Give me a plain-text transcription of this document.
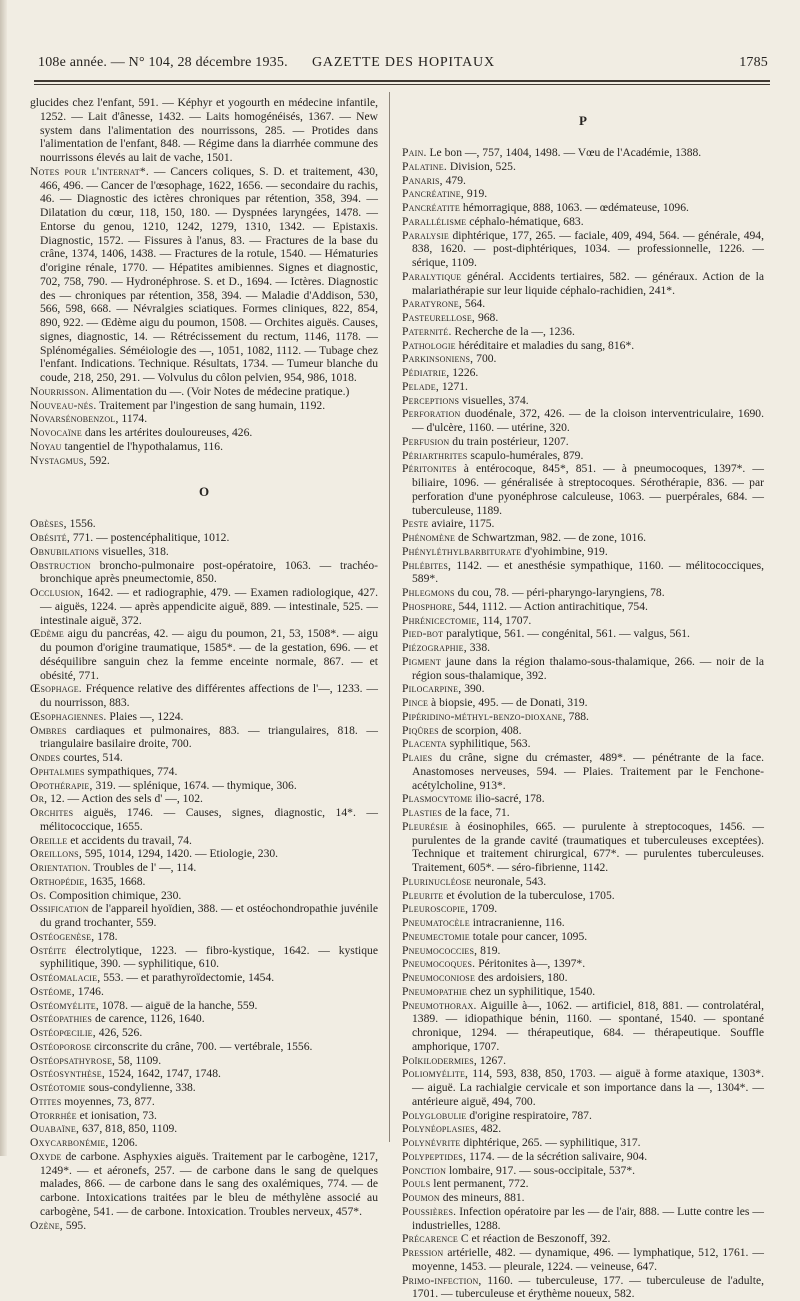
108e année. — N° 104, 28 décembre 1935. GAZETTE DES HOPITAUX	1785
glucides chez l'enfant, 591. — Képhyr et yogourth en médecine infantile, 1252. — Lait d'ânesse, 1432. — Laits homogénéisés, 1367. — New system dans l'alimentation des nourrissons, 285. — Protides dans l'alimentation de l'enfant, 848. — Régime dans la diarrhée commune des nourrissons élevés au lait de vache, 1501.
Notes pour l'internat*. — Cancers coliques, S. D. et traitement, 430, 466, 496. — Cancer de l'œsophage, 1622, 1656. — secondaire du rachis, 46. — Diagnostic des ictères chroniques par rétention, 358, 394. — Dilatation du cœur, 118, 150, 180. — Dyspnées laryngées, 1478. — Entorse du genou, 1210, 1242, 1279, 1310, 1342. — Epistaxis. Diagnostic, 1572. — Fissures à l'anus, 83. — Fractures de la base du crâne, 1374, 1406, 1438. — Fractures de la rotule, 1540. — Hématuries d'origine rénale, 1770. — Hépatites amibiennes. Signes et diagnostic, 702, 758, 790. — Hydronéphrose. S. et D., 1694. — Ictères. Diagnostic des — chroniques par rétention, 358, 394. — Maladie d'Addison, 530, 566, 598, 668. — Névralgies sciatiques. Formes cliniques, 822, 854, 890, 922. — Œdème aigu du poumon, 1508. — Orchites aiguës. Causes, signes, diagnostic, 14. — Rétrécissement du rectum, 1146, 1178. — Splénomégalies. Séméiologie des —, 1051, 1082, 1112. — Tubage chez l'enfant. Indications. Technique. Résultats, 1734. — Tumeur blanche du coude, 218, 250, 291. — Volvulus du côlon pelvien, 954, 986, 1018.
Nourrisson. Alimentation du —. (Voir Notes de médecine pratique.)
Nouveau-nés. Traitement par l'ingestion de sang humain, 1192.
Novarsénobenzol, 1174.
Novocaïne dans les artérites douloureuses, 426.
Noyau tangentiel de l'hypothalamus, 116.
Nystagmus, 592.
O
Obèses, 1556.
Obésité, 771. — postencéphalitique, 1012.
Obnubilations visuelles, 318.
Obstruction broncho-pulmonaire post-opératoire, 1063. — trachéo-bronchique après pneumectomie, 850.
Occlusion, 1642. — et radiographie, 479. — Examen radiologique, 427. — aiguës, 1224. — après appendicite aiguë, 889. — intestinale, 525. — intestinale aiguë, 372.
Œdème aigu du pancréas, 42. — aigu du poumon, 21, 53, 1508*. — aigu du poumon d'origine traumatique, 1585*. — de la gestation, 696. — et déséquilibre sanguin chez la femme enceinte normale, 867. — et obésité, 771.
Œsophage. Fréquence relative des différentes affections de l'—, 1233. — du nourrisson, 883.
Œsophagiennes. Plaies —, 1224.
Ombres cardiaques et pulmonaires, 883. — triangulaires, 818. — triangulaire basilaire droite, 700.
Ondes courtes, 514.
Ophtalmies sympathiques, 774.
Opothérapie, 319. — splénique, 1674. — thymique, 306.
Or, 12. — Action des sels d' —, 102.
Orchites aiguës, 1746. — Causes, signes, diagnostic, 14*. — mélitococcique, 1655.
Oreille et accidents du travail, 74.
Oreillons, 595, 1014, 1294, 1420. — Etiologie, 230.
Orientation. Troubles de l' —, 114.
Orthopédie, 1635, 1668.
Os. Composition chimique, 230.
Ossification de l'appareil hyoïdien, 388. — et ostéochondropathie juvénile du grand trochanter, 559.
Ostéogenèse, 178.
Ostéite électrolytique, 1223. — fibro-kystique, 1642. — kystique syphilitique, 390. — syphilitique, 610.
Ostéomalacie, 553. — et parathyroïdectomie, 1454.
Ostéome, 1746.
Ostéomyélite, 1078. — aiguë de la hanche, 559.
Ostéopathies de carence, 1126, 1640.
Ostéopœcilie, 426, 526.
Ostéoporose circonscrite du crâne, 700. — vertébrale, 1556.
Ostéopsathyrose, 58, 1109.
Ostéosynthèse, 1524, 1642, 1747, 1748.
Ostéotomie sous-condylienne, 338.
Otites moyennes, 73, 877.
Otorrhée et ionisation, 73.
Ouabaïne, 637, 818, 850, 1109.
Oxycarbonémie, 1206.
Oxyde de carbone. Asphyxies aiguës. Traitement par le carbogène, 1217, 1249*. — et aéronefs, 257. — de carbone dans le sang de quelques malades, 866. — de carbone dans le sang des oxalémiques, 774. — de carbone. Intoxications traitées par le bleu de méthylène associé au carbogène, 541. — de carbone. Intoxication. Troubles nerveux, 457*.
Ozène, 595.
P
Pain. Le bon —, 757, 1404, 1498. — Vœu de l'Académie, 1388.
Palatine. Division, 525.
Panaris, 479.
Pancréatine, 919.
Pancréatite hémorragique, 888, 1063. — œdémateuse, 1096.
Parallélisme céphalo-hématique, 683.
Paralysie diphtérique, 177, 265. — faciale, 409, 494, 564. — générale, 494, 838, 1620. — post-diphtériques, 1034. — professionnelle, 1226. — sérique, 1109.
Paralytique général. Accidents tertiaires, 582. — généraux. Action de la malariathérapie sur leur liquide céphalo-rachidien, 241*.
Paratyrone, 564.
Pasteurellose, 968.
Paternité. Recherche de la —, 1236.
Pathologie héréditaire et maladies du sang, 816*.
Parkinsoniens, 700.
Pédiatrie, 1226.
Pelade, 1271.
Perceptions visuelles, 374.
Perforation duodénale, 372, 426. — de la cloison interventriculaire, 1690. — d'ulcère, 1160. — utérine, 320.
Perfusion du train postérieur, 1207.
Périarthrites scapulo-humérales, 879.
Péritonites à entérocoque, 845*, 851. — à pneumocoques, 1397*. — biliaire, 1096. — généralisée à streptocoques. Sérothérapie, 836. — par perforation d'une pyonéphrose calculeuse, 1063. — puerpérales, 684. — tuberculeuse, 1189.
Peste aviaire, 1175.
Phénomène de Schwartzman, 982. — de zone, 1016.
Phényléthylbarbiturate d'yohimbine, 919.
Phlébites, 1142. — et anesthésie sympathique, 1160. — mélitococciques, 589*.
Phlegmons du cou, 78. — péri-pharyngo-laryngiens, 78.
Phosphore, 544, 1112. — Action antirachitique, 754.
Phrénicectomie, 114, 1707.
Pied-bot paralytique, 561. — congénital, 561. — valgus, 561.
Piézographie, 338.
Pigment jaune dans la région thalamo-sous-thalamique, 266. — noir de la région sous-thalamique, 392.
Pilocarpine, 390.
Pince à biopsie, 495. — de Donati, 319.
Pipéridino-méthyl-benzo-dioxane, 788.
Piqûres de scorpion, 408.
Placenta syphilitique, 563.
Plaies du crâne, signe du crémaster, 489*. — pénétrante de la face. Anastomoses nerveuses, 594. — Plaies. Traitement par le Fenchone-acétylcholine, 913*.
Plasmocytome ilio-sacré, 178.
Plasties de la face, 71.
Pleurésie à éosinophiles, 665. — purulente à streptocoques, 1456. — purulentes de la grande cavité (traumatiques et tuberculeuses exceptées). Technique et traitement chirurgical, 677*. — purulentes tuberculeuses. Traitement, 605*. — séro-fibrienne, 1142.
Plurinucléose neuronale, 543.
Pleurite et évolution de la tuberculose, 1705.
Pleuroscopie, 1709.
Pneumatocèle intracranienne, 116.
Pneumectomie totale pour cancer, 1095.
Pneumococcies, 819.
Pneumocoques. Péritonites à—, 1397*.
Pneumoconiose des ardoisiers, 180.
Pneumopathie chez un syphilitique, 1540.
Pneumothorax. Aiguille à—, 1062. — artificiel, 818, 881. — controlatéral, 1389. — idiopathique bénin, 1160. — spontané, 1540. — spontané chronique, 1294. — thérapeutique, 684. — thérapeutique. Souffle amphorique, 1707.
Poïkilodermies, 1267.
Poliomyélite, 114, 593, 838, 850, 1703. — aiguë à forme ataxique, 1303*. — aiguë. La rachialgie cervicale et son importance dans la —, 1304*. — antérieure aiguë, 494, 700.
Polyglobulie d'origine respiratoire, 787.
Polynéoplasies, 482.
Polynévrite diphtérique, 265. — syphilitique, 317.
Polypeptides, 1174. — de la sécrétion salivaire, 904.
Ponction lombaire, 917. — sous-occipitale, 537*.
Pouls lent permanent, 772.
Poumon des mineurs, 881.
Poussières. Infection opératoire par les — de l'air, 888. — Lutte contre les — industrielles, 1288.
Précarence C et réaction de Beszonoff, 392.
Pression artérielle, 482. — dynamique, 496. — lymphatique, 512, 1761. — moyenne, 1453. — pleurale, 1224. — veineuse, 647.
Primo-infection, 1160. — tuberculeuse, 177. — tuberculeuse de l'adulte, 1701. — tuberculeuse et érythème noueux, 582.
